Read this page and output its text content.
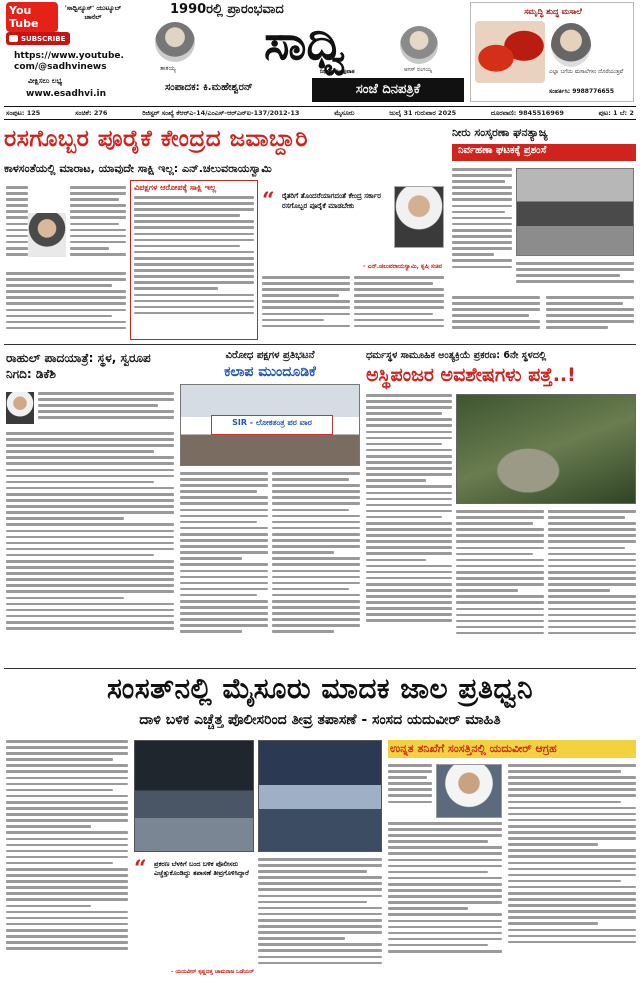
You Tube
'ಸಾಧ್ವಿನ್ಯೂಸ್' ಯುಟ್ಯೂಬ್ ಚಾನೆಲ್
SUBSCRIBE
https://www.youtube.
com/@sadhvinews
ವೀಕ್ಷಿಸಲು ಲಭ್ಯ
www.esadhvi.in
1990ರಲ್ಲಿ ಪ್ರಾರಂಭವಾದ
ತಾತಯ್ಯ	ಸಾಧ್ವಿ
ನಿರ್ಭೀತ ನಿಷ್ಪಕ್ಷಪಾತ	ಆಗಸ್ ರಂಗಯ್ಯ
ಸಂಪಾದಕ: ಕಿ.ಮಹೇಶ್ವರನ್	ಸಂಜೆ ದಿನಪತ್ರಿಕೆ
ಸಮೃದ್ಧಿ ಶುದ್ಧ ಮಸಾಲೆ
ಎಲ್ಲಾ ಬಗೆಯ ಮಸಾಲೆಗಳು ದೊರೆಯುತ್ತವೆ
ಸಂಪರ್ಕಿಸಿ: 9988776655
ಸಂಪುಟ: 125	ಸಂಚಿಕೆ: 276	ರಿಜಿಸ್ಟರ್ ಸಂಖ್ಯೆ ಕೆಆರ್‌ಎ-14/ಎಂಎಸ್-ಆರ್‌ಎನ್‌ಐ-137/2012-13	ಮೈಸೂರು	ಜುಲೈ 31 ಗುರುವಾರ 2025	ದೂರವಾಣಿ: 9845516969	ಪುಟ: 1 ಬೆ: 2
ರಸಗೊಬ್ಬರ ಪೂರೈಕೆ ಕೇಂದ್ರದ ಜವಾಬ್ದಾರಿ
ಕಾಳಸಂತೆಯಲ್ಲಿ ಮಾರಾಟ, ಯಾವುದೇ ಸಾಕ್ಷಿ ಇಲ್ಲ: ಎನ್.ಚಲುವರಾಯಸ್ವಾಮಿ
ವಿಪಕ್ಷಗಳ ಆರೋಪಕ್ಕೆ ಸಾಕ್ಷಿ ಇಲ್ಲ
“ ರೈತರಿಗೆ ತೊಂದರೆಯಾಗದಂತೆ ಕೇಂದ್ರ ಸರ್ಕಾರ ರಸಗೊಬ್ಬರ ಪೂರೈಕೆ ಮಾಡಬೇಕು
- ಎನ್.ಚಲುವರಾಯಸ್ವಾಮಿ, ಕೃಷಿ ಸಚಿವ
ನೀರು ಸಂಸ್ಕರಣಾ ಘನತ್ಯಾಜ್ಯ
ನಿರ್ವಹಣಾ ಘಟಕಕ್ಕೆ ಪ್ರಶಂಸೆ
ರಾಹುಲ್ ಪಾದಯಾತ್ರೆ: ಸ್ಥಳ, ಸ್ವರೂಪ ನಿಗದಿ: ಡಿಕೆಶಿ
ವಿರೋಧ ಪಕ್ಷಗಳ ಪ್ರತಿಭಟನೆ
ಕಲಾಪ ಮುಂದೂಡಿಕೆ
SIR - ಲೋಕತಂತ್ರ ಪರ ವಾರ
ಧರ್ಮಸ್ಥಳ ಸಾಮೂಹಿಕ ಅಂತ್ಯಕ್ರಿಯೆ ಪ್ರಕರಣ: 6ನೇ ಸ್ಥಳದಲ್ಲಿ
ಅಸ್ಥಿಪಂಜರ ಅವಶೇಷಗಳು ಪತ್ತೆ..!
ಸಂಸತ್‌ನಲ್ಲಿ ಮೈಸೂರು ಮಾದಕ ಜಾಲ ಪ್ರತಿಧ್ವನಿ
ದಾಳಿ ಬಳಿಕ ಎಚ್ಚೆತ್ತ ಪೊಲೀಸರಿಂದ ತೀವ್ರ ತಪಾಸಣೆ - ಸಂಸದ ಯದುವೀರ್ ಮಾಹಿತಿ
“ ಪ್ರಕರಣ ಬೆಳಕಿಗೆ ಬಂದ ಬಳಿಕ ಪೊಲೀಸರು ಎಚ್ಚೆತ್ತುಕೊಂಡಿದ್ದು ತಪಾಸಣೆ ತೀವ್ರಗೊಳಿಸಿದ್ದಾರೆ
- ಯದುವೀರ್ ಕೃಷ್ಣದತ್ತ ಚಾಮರಾಜ ಒಡೆಯರ್
ಉನ್ನತ ತನಿಖೆಗೆ ಸಂಸತ್ತಿನಲ್ಲಿ ಯದುವೀರ್ ಆಗ್ರಹ
